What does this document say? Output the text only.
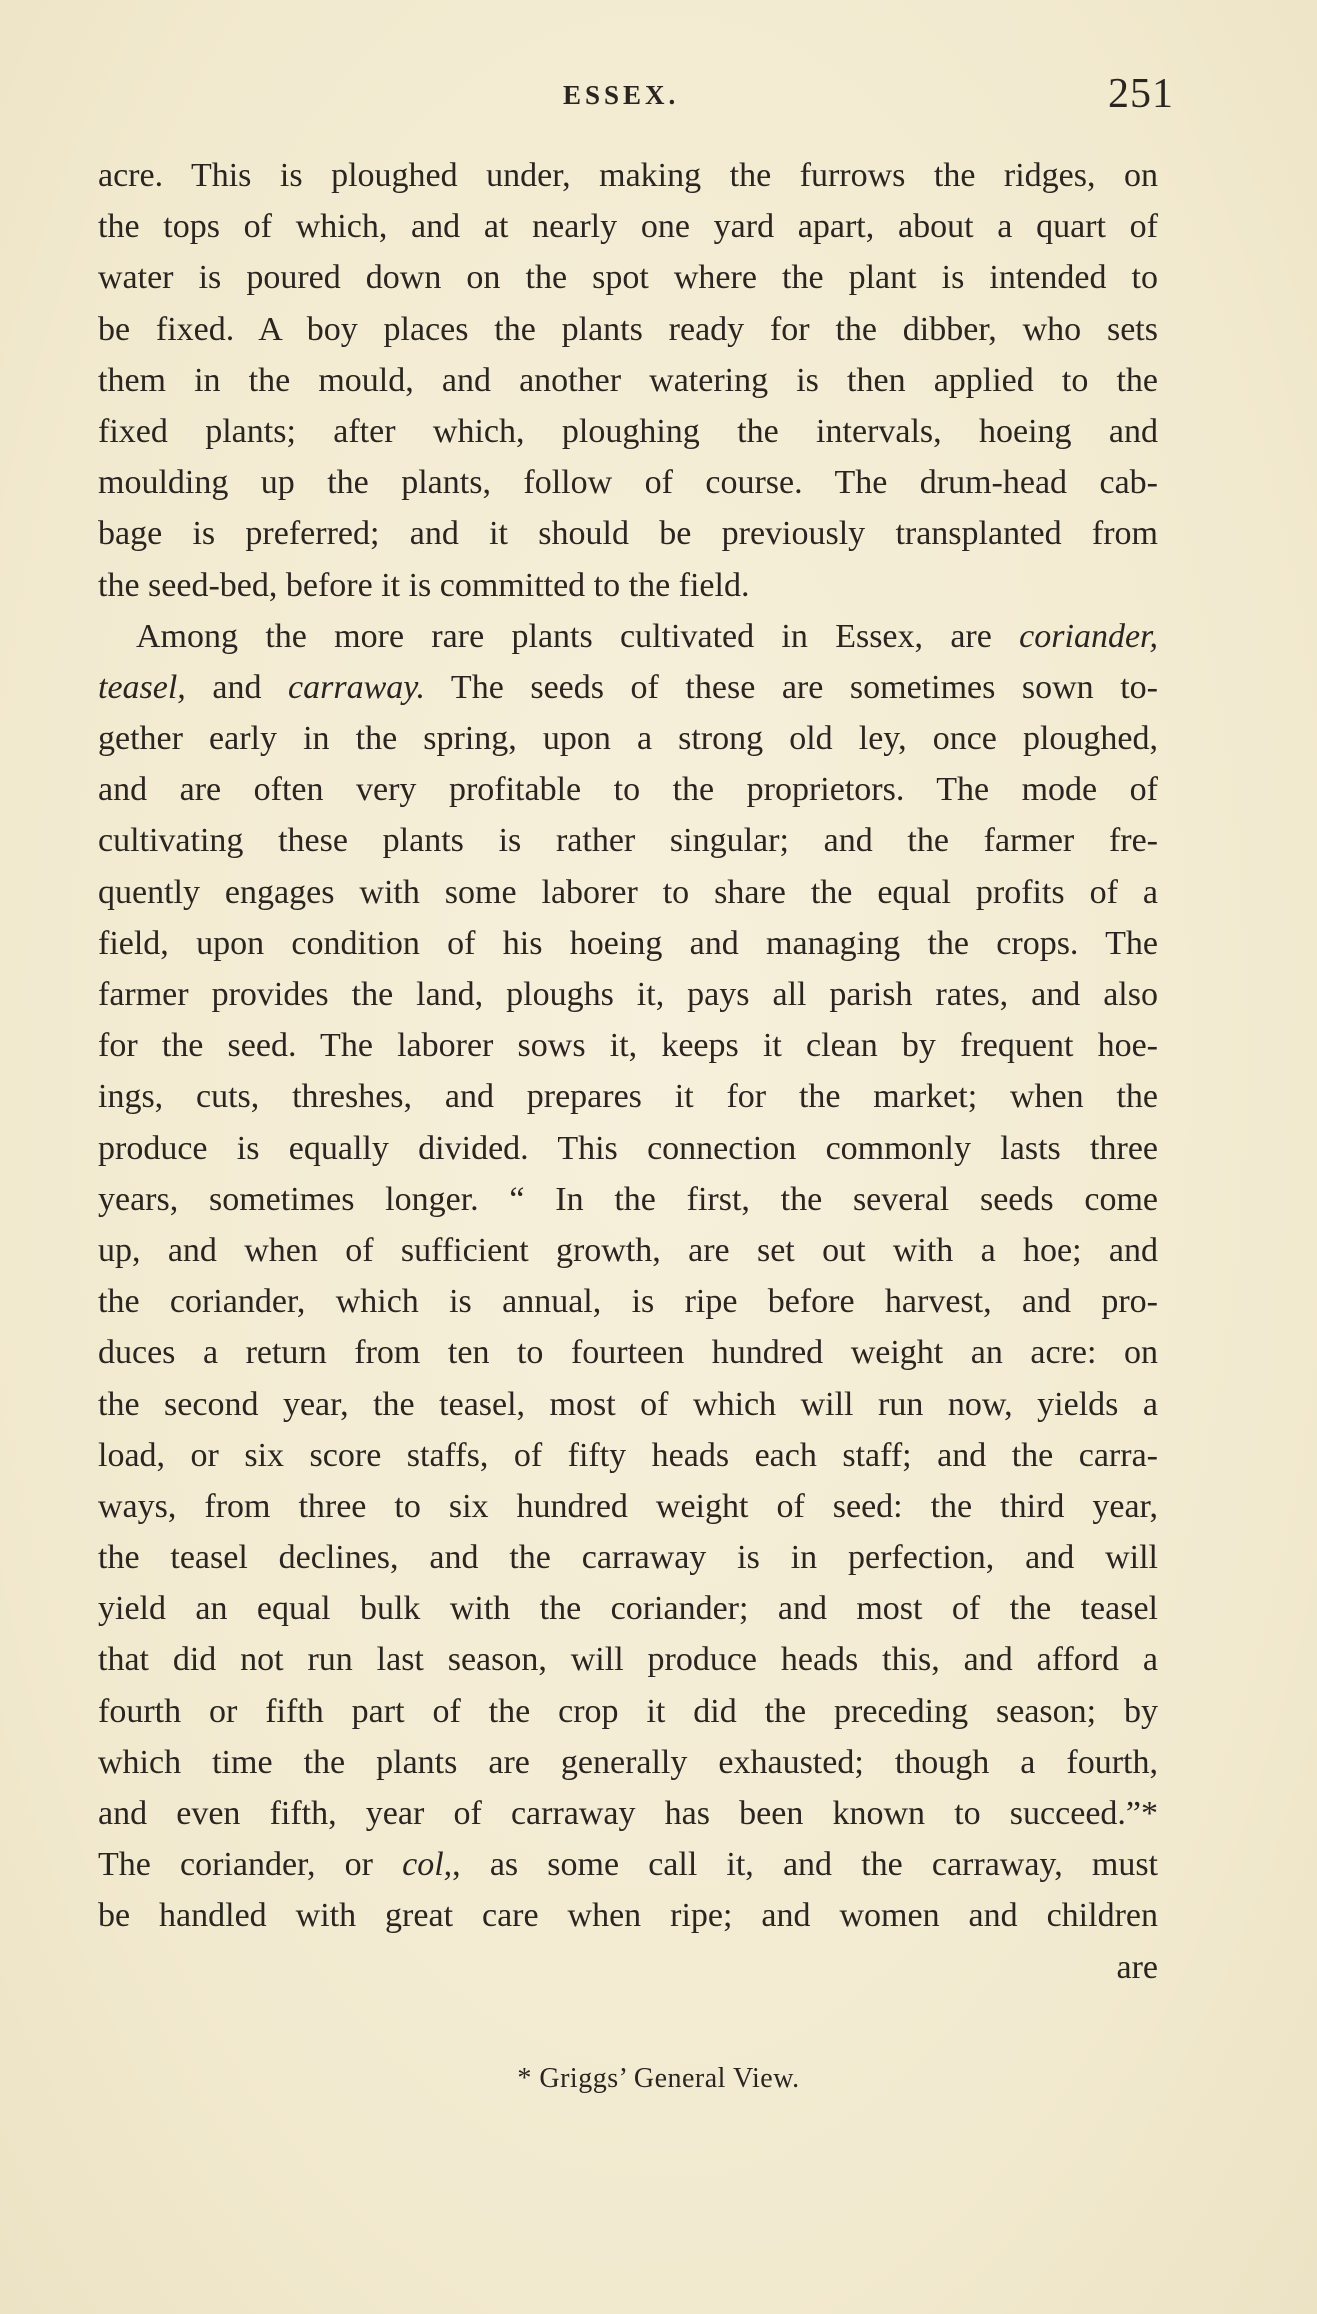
ESSEX.	251
acre. This is ploughed under, making the furrows the ridges, on
the tops of which, and at nearly one yard apart, about a quart of
water is poured down on the spot where the plant is intended to
be fixed. A boy places the plants ready for the dibber, who sets
them in the mould, and another watering is then applied to the
fixed plants; after which, ploughing the intervals, hoeing and
moulding up the plants, follow of course. The drum-head cab-
bage is preferred; and it should be previously transplanted from
the seed-bed, before it is committed to the field.
Among the more rare plants cultivated in Essex, are coriander,
teasel, and carraway. The seeds of these are sometimes sown to-
gether early in the spring, upon a strong old ley, once ploughed,
and are often very profitable to the proprietors. The mode of
cultivating these plants is rather singular; and the farmer fre-
quently engages with some laborer to share the equal profits of a
field, upon condition of his hoeing and managing the crops. The
farmer provides the land, ploughs it, pays all parish rates, and also
for the seed. The laborer sows it, keeps it clean by frequent hoe-
ings, cuts, threshes, and prepares it for the market; when the
produce is equally divided. This connection commonly lasts three
years, sometimes longer. “ In the first, the several seeds come
up, and when of sufficient growth, are set out with a hoe; and
the coriander, which is annual, is ripe before harvest, and pro-
duces a return from ten to fourteen hundred weight an acre: on
the second year, the teasel, most of which will run now, yields a
load, or six score staffs, of fifty heads each staff; and the carra-
ways, from three to six hundred weight of seed: the third year,
the teasel declines, and the carraway is in perfection, and will
yield an equal bulk with the coriander; and most of the teasel
that did not run last season, will produce heads this, and afford a
fourth or fifth part of the crop it did the preceding season; by
which time the plants are generally exhausted; though a fourth,
and even fifth, year of carraway has been known to succeed.”*
The coriander, or col,, as some call it, and the carraway, must
be handled with great care when ripe; and women and children
are
* Griggs’ General View.
